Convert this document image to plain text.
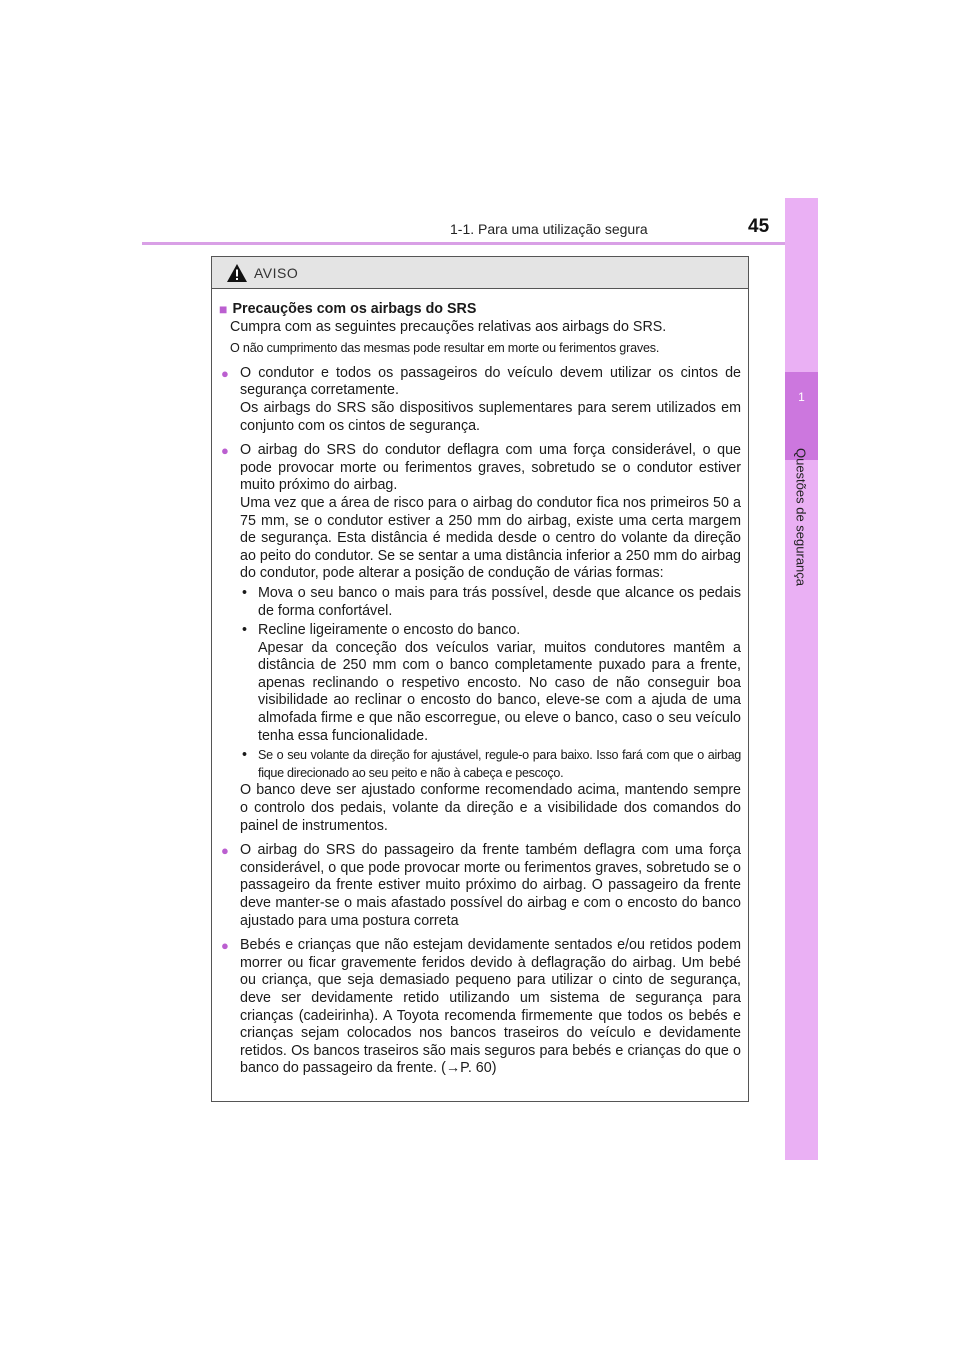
1-1. Para uma utilização segura	45
1
Questões de segurança
AVISO
■ Precauções com os airbags do SRS
Cumpra com as seguintes precauções relativas aos airbags do SRS.
O não cumprimento das mesmas pode resultar em morte ou ferimentos graves.
● O condutor e todos os passageiros do veículo devem utilizar os cintos de segurança corretamente.

Os airbags do SRS são dispositivos suplementares para serem utilizados em conjunto com os cintos de segurança.

● O airbag do SRS do condutor deflagra com uma força considerável, o que pode provocar morte ou ferimentos graves, sobretudo se o condutor estiver muito próximo do airbag.

Uma vez que a área de risco para o airbag do condutor fica nos primeiros 50 a 75 mm, se o condutor estiver a 250 mm do airbag, existe uma certa margem de segurança. Esta distância é medida desde o centro do volante da direção ao peito do condutor. Se se sentar a uma distância inferior a 250 mm do airbag do condutor, pode alterar a posição de condução de várias formas:

• Mova o seu banco o mais para trás possível, desde que alcance os pedais de forma confortável.
• Recline ligeiramente o encosto do banco.
Apesar da conceção dos veículos variar, muitos condutores mantêm a distância de 250 mm com o banco completamente puxado para a frente, apenas reclinando o respetivo encosto. No caso de não conseguir boa visibilidade ao reclinar o encosto do banco, eleve-se com a ajuda de uma almofada firme e que não escorregue, ou eleve o banco, caso o seu veículo tenha essa funcionalidade.
• Se o seu volante da direção for ajustável, regule-o para baixo. Isso fará com que o airbag fique direcionado ao seu peito e não à cabeça e pescoço.

O banco deve ser ajustado conforme recomendado acima, mantendo sempre o controlo dos pedais, volante da direção e a visibilidade dos comandos do painel de instrumentos.

● O airbag do SRS do passageiro da frente também deflagra com uma força considerável, o que pode provocar morte ou ferimentos graves, sobretudo se o passageiro da frente estiver muito próximo do airbag. O passageiro da frente deve manter-se o mais afastado possível do airbag e com o encosto do banco ajustado para uma postura correta

● Bebés e crianças que não estejam devidamente sentados e/ou retidos podem morrer ou ficar gravemente feridos devido à deflagração do airbag. Um bebé ou criança, que seja demasiado pequeno para utilizar o cinto de segurança, deve ser devidamente retido utilizando um sistema de segurança para crianças (cadeirinha). A Toyota recomenda firmemente que todos os bebés e crianças sejam colocados nos bancos traseiros do veículo e devidamente retidos. Os bancos traseiros são mais seguros para bebés e crianças do que o banco do passageiro da frente. (→P. 60)
